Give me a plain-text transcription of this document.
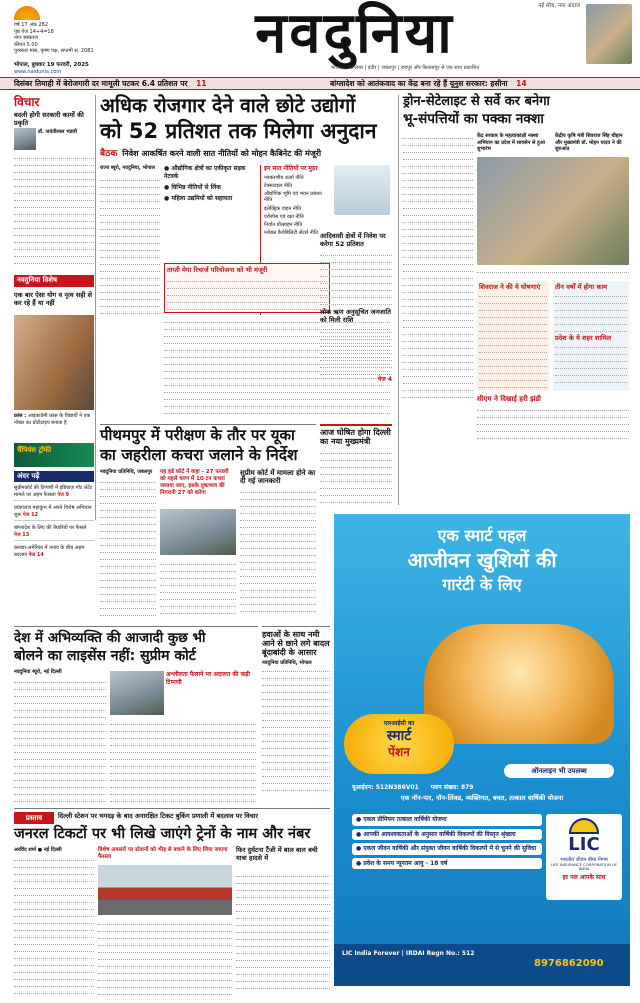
वर्ष 17 अंक 282
पृष्ठ पेज 14+4=18
नगर संस्करण
कीमत 5.00
पुरस्कार मास, कृष्ण पक्ष, सप्तमी सं. 2081
भोपाल, बुधवार 19 फरवरी, 2025
www.naidunia.com
नवदुनिया	नई सोच, नया अंदाज
भोपाल | ग्वालियर | इंदौर | जबलपुर | रायपुर और बिलासपुर से एक साथ प्रकाशित
दिसंबर तिमाही में बेरोजगारी दर मामूली घटकर 6.4 प्रतिशत पर 11	बांग्लादेश को आतंकवाद का केंद्र बना रहे हैं यूनुस सरकार: हसीना 14
विचार
बदली होगी सरकारी कामों की प्रकृति
डॉ. जयंतीलाल भंडारी
नवदुनिया विशेष
एक बार ऐसा योग व नृत्य सही से कर रहे हैं या नहीं
फ्रांस : आइकाडेमी फ्रांस के विद्यार्थी ने एक नोबल का प्रोटोटाइप बनाया है
चैंपियंस ट्रॉफी
अंदर पढ़ें
सुप्रीमकोर्ट की टिप्पणी में इंडियाज़ गॉट लेटेंट मामले पर अहम फैसला पेज 9
प्रयागराज महाकुंभ में अपने विशेष अभियान शुरू पेज 12
बांग्लादेश के लिए की तैयारियों पर फैसले पेज 13
कनाडा-अमेरिका में तनाव के बीच अहम बदलाव पेज 14
अधिक रोजगार देने वाले छोटे उद्योगों
को 52 प्रतिशत तक मिलेगा अनुदान
बैठक निवेश आकर्षित करने वाली सात नीतियों को मोहन कैबिनेट की मंजूरी
राज्य ब्यूरो, नवदुनिया, भोपाल	● औद्योगिक क्षेत्रों का एकीकृत सड़क नेटवर्क
● विभिन्न नीतियों से लिंक
● महिला उद्यमियों को सहायता
इन सात नीतियों पर मुहर
नवकरणीय ऊर्जा नीति
टेक्सटाइल नीति
औद्योगिक भूमि एवं भवन प्रबंधन नीति
इलेक्ट्रिक वाहन नीति
एरोस्पेस एवं रक्षा नीति
निर्यात प्रोत्साहन नीति
ग्लोबल कैपेबिलिटी सेंटर्स नीति
ताप्ती मेगा रिचार्ज परियोजना को भी मंजूरी
ड्रोन-सेटेलाइट से सर्वे कर बनेगा
भू-संपत्तियों का पक्का नक्शा
केंद्र सरकार के महत्वाकांक्षी नक्शा अभियान का प्रदेश में सायसेन से हुआ शुभारंभ
केंद्रीय कृषि मंत्री शिवराज सिंह चौहान और मुख्यमंत्री डॉ. मोहन यादव ने की शुरुआत
शिवराज ने की ये घोषणाएं	तीन वर्षों में होगा काम
प्रदेश के ये शहर शामिल
सीएम ने दिखाई हरी झंडी
आदिवासी क्षेत्रों में निवेश पर करेगा 52 प्रतिशत
लोक ऋण अनुसूचित जनजाति को मिली राशि
पेज 4
आज घोषित होगा दिल्ली का नया मुख्यमंत्री
पीथमपुर में परीक्षण के तौर पर यूका
का जहरीला कचरा जलाने के निर्देश
नवदुनिया प्रतिनिधि, जबलपुर	यह हर्ड कोर्ट ने कहा - 27 फरवरी को पहले चरण में 10 टन कचरा जलाया जाए, इसके दुष्प्रभाव की निगरानी 27 को करेगा
सुप्रीम कोर्ट में मामला होने का दी गई जानकारी
देश में अभिव्यक्ति की आजादी कुछ भी
बोलने का लाइसेंस नहीं: सुप्रीम कोर्ट
नवदुनिया ब्यूरो, नई दिल्ली	अश्लीलता फैलाने पर अदालत की कड़ी टिप्पणी
हवाओं के साथ नमी आने से छाने लगे बादल बूंदाबांदी के आसार
नवदुनिया प्रतिनिधि, भोपाल
एक स्मार्ट पहल
आजीवन खुशियों की
गारंटी के लिए
एलआईसी का
स्मार्ट
पेंशन
ऑनलाइन भी उपलब्ध
यूआईएन: 512N386V01 प्लान संख्या: 879
एक नॉन-पार, नॉन-लिंक्ड, व्यक्तिगत, बचत, तत्काल वार्षिकी योजना
● एकल प्रीमियम तत्काल वार्षिकी योजना
● आपकी आवश्यकताओं के अनुसार वार्षिकी विकल्पों की विस्तृत श्रृंखला
● एकल जीवन वार्षिकी और संयुक्त जीवन वार्षिकी विकल्पों में से चुनने की सुविधा
● प्रवेश के समय न्यूनतम आयु - 18 वर्ष
LIC
भारतीय जीवन बीमा निगम
LIFE INSURANCE CORPORATION OF INDIA
हर पल आपके साथ
LIC India Forever | IRDAI Regn No.: 512
8976862090
प्रस्ताव	दिल्ली स्टेशन पर भगदड़ के बाद अनारक्षित टिकट बुकिंग प्रणाली में बदलाव पर विचार
जनरल टिकटों पर भी लिखे जाएंगे ट्रेनों के नाम और नंबर
अरविंद शर्मा ● नई दिल्ली	विशेष अवसरों पर स्टेशनों को भीड़ से बचाने के लिए लिया जाएगा फैसला
फिर दुर्घटना टैंजी में बाल बाल बची यात्रा हादसे में
